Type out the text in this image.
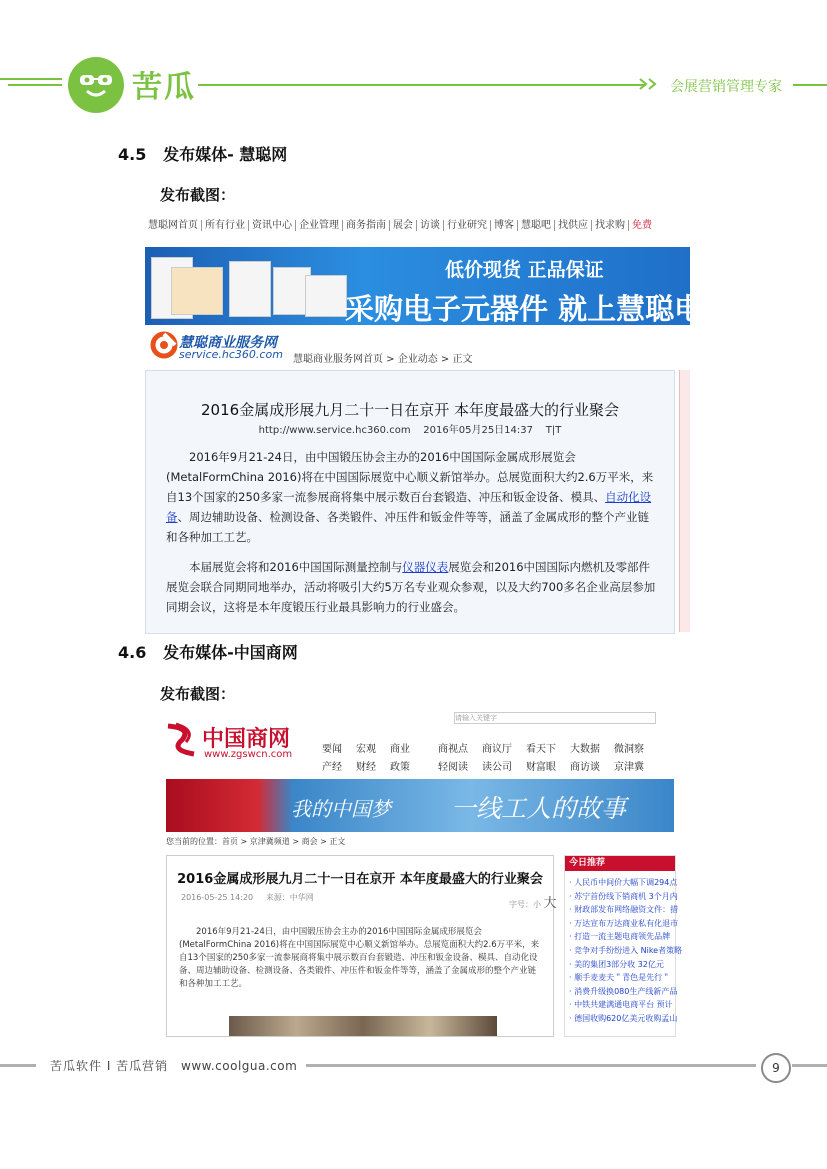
苦瓜	会展营销管理专家
4.5 发布媒体- 慧聪网
发布截图：
慧聪网首页 所有行业 资讯中心 企业管理 商务指南 展会 访谈 行业研究 博客 慧聪吧 找供应 找求购 免费
低价现货 正品保证
采购电子元器件 就上慧聪电子商
慧聪商业服务网
service.hc360.com 慧聪商业服务网首页 > 企业动态 > 正文
2016金属成形展九月二十一日在京开 本年度最盛大的行业聚会
http://www.service.hc360.com 2016年05月25日14:37 T|T
2016年9月21-24日，由中国锻压协会主办的2016中国国际金属成形展览会(MetalFormChina 2016)将在中国国际展览中心顺义新馆举办。总展览面积大约2.6万平米，来自13个国家的250多家一流参展商将集中展示数百台套锻造、冲压和钣金设备、模具、自动化设备、周边辅助设备、检测设备、各类锻件、冲压件和钣金件等等，涵盖了金属成形的整个产业链和各种加工工艺。
本届展览会将和2016中国国际测量控制与仪器仪表展览会和2016中国国际内燃机及零部件展览会联合同期同地举办，活动将吸引大约5万名专业观众参观，以及大约700多名企业高层参加同期会议，这将是本年度锻压行业最具影响力的行业盛会。
4.6 发布媒体-中国商网
发布截图：
中国商网
www.zgswcn.com
请输入关键字
要闻 宏观 商业	商视点 商议厅 看天下 大数据 微洞察
产经 财经 政策	轻阅读 读公司 财富眼 商访谈 京津冀
我的中国梦 一线工人的故事
您当前的位置：首页 > 京津冀频道 > 商会 > 正文
2016金属成形展九月二十一日在京开 本年度最盛大的行业聚会
2016-05-25 14:20 来源：中华网
字号：小 大

2016年9月21-24日，由中国锻压协会主办的2016中国国际金属成形展览会(MetalFormChina 2016)将在中国国际展览中心顺义新馆举办。总展览面积大约2.6万平米，来自13个国家的250多家一流参展商将集中展示数百台套锻造、冲压和钣金设备、模具、自动化设备、周边辅助设备、检测设备、各类锻件、冲压件和钣金件等等，涵盖了金属成形的整个产业链和各种加工工艺。

今日推荐
· 人民币中间价大幅下调294点
· 苏宁首份线下销商机 3个月内
· 财政部发布网络融资文件：措
· 万达宣布万达商业私有化退市
· 打造一流主题电商领先品牌
· 竞争对手纷纷进入 Nike者策略
· 美的集团3部分收 32亿元
· 顺手麦麦夫＂青色是先行＂
· 消费升级换080生产线新产品
· 中铁共建满通电商平台 预计
· 德国收购620亿美元收购孟山
苦瓜软件 I 苦瓜营销 www.coolgua.com	9
